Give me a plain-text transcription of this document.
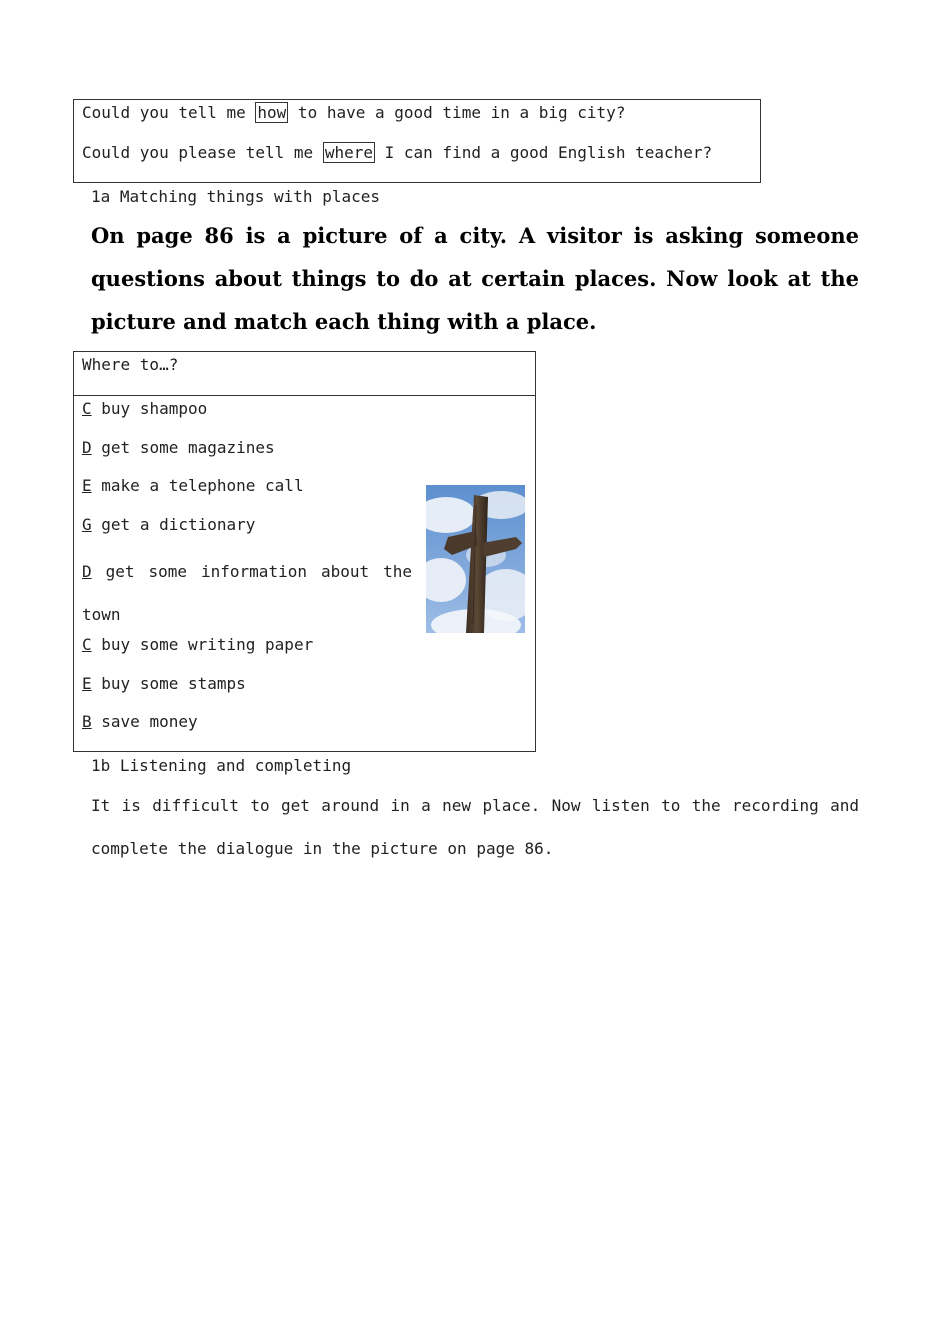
Could you tell me how to have a good time in a big city?
Could you please tell me where I can find a good English teacher?
1a Matching things with places
On page 86 is a picture of a city. A visitor is asking someone questions about things to do at certain places. Now look at the picture and match each thing with a place.
Where to…?
C buy shampoo
D get some magazines
E make a telephone call
G get a dictionary
D get some information about the town
C buy some writing paper
E buy some stamps
B save money
1b Listening and completing
It is difficult to get around in a new place. Now listen to the recording and complete the dialogue in the picture on page 86.
